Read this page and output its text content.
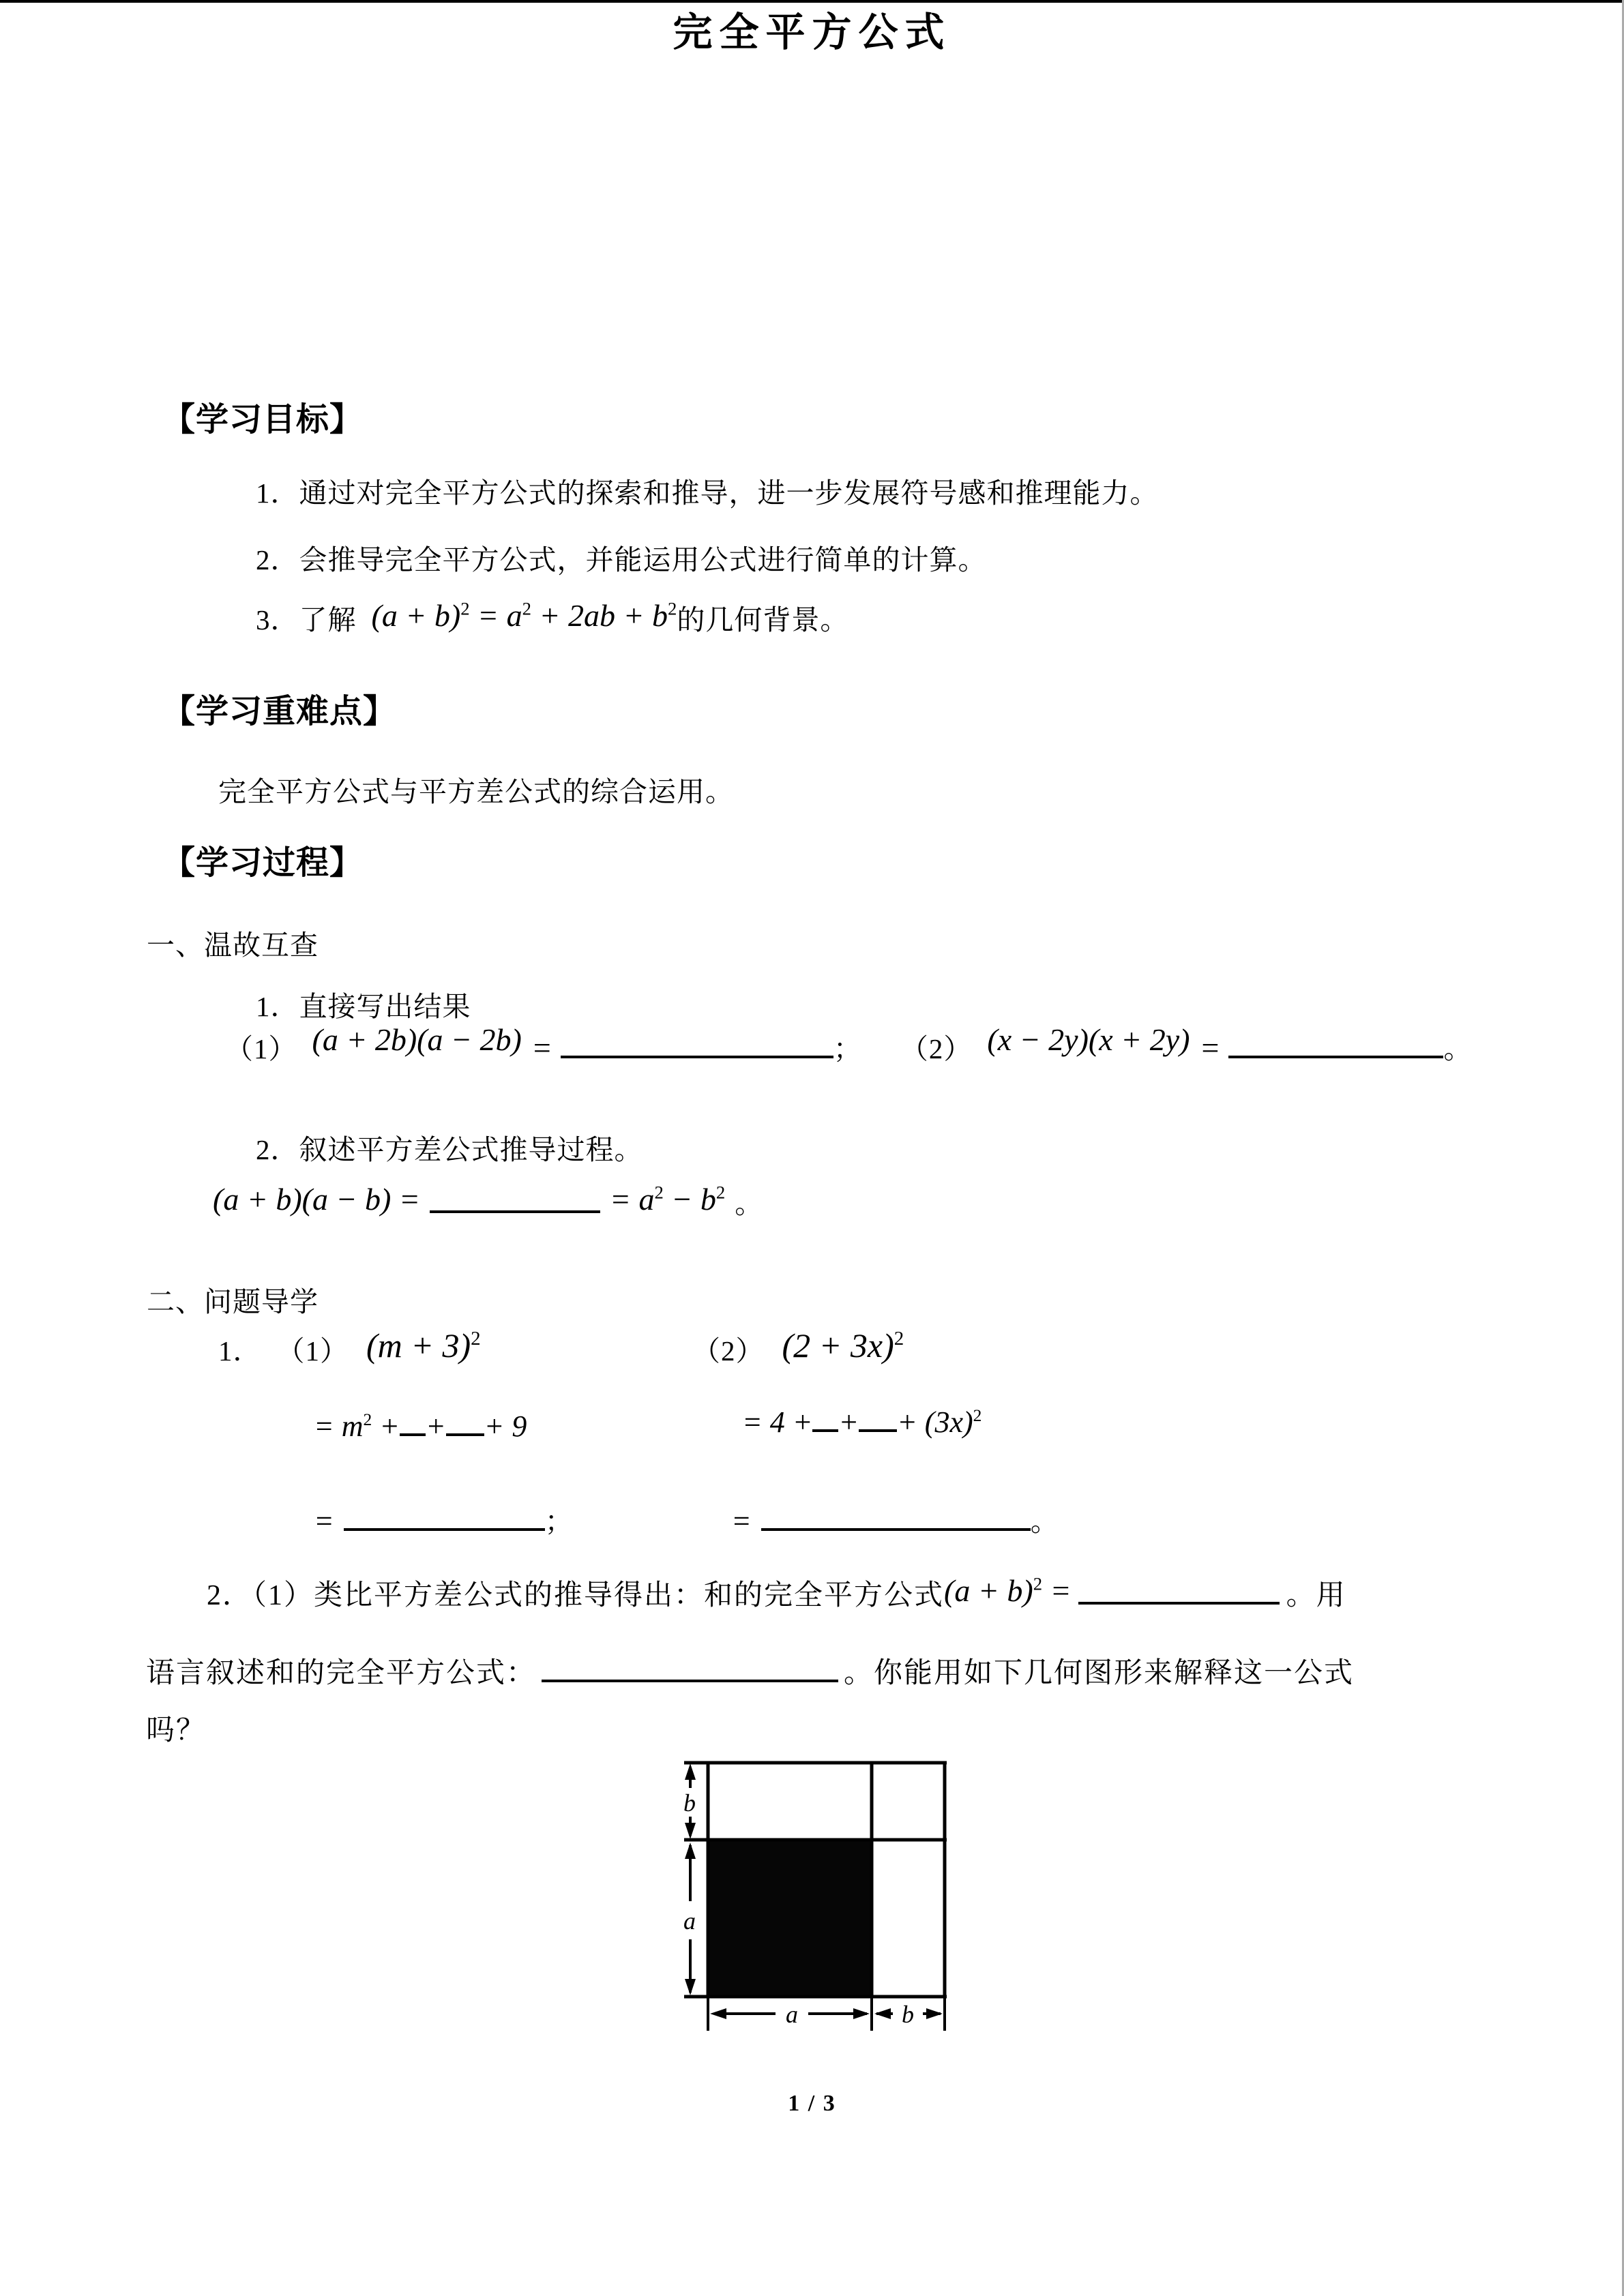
完全平方公式
【学习目标】
1．通过对完全平方公式的探索和推导，进一步发展符号感和推理能力。
2．会推导完全平方公式，并能运用公式进行简单的计算。
3．了解 $(a + b)^2 = a^2 + 2ab + b^2$ 的几何背景。
【学习重难点】
完全平方公式与平方差公式的综合运用。
【学习过程】
一、温故互查
1．直接写出结果
（1） (a + 2b)(a − 2b) =	； （2） (x − 2y)(x + 2y) =	。
2．叙述平方差公式推导过程。
(a + b)(a − b) =	= $a^2 - b^2$ 。
二、问题导学
1． （1） $(m + 3)^2$	（2） $(2 + 3x)^2$
= $m^2$ + + + 9	= 4 + + + $(3x)^2$
=	；	=	。
2．（1）类比平方差公式的推导得出：和的完全平方公式 $(a + b)^2$ =	。用
语言叙述和的完全平方公式：	。你能用如下几何图形来解释这一公式
吗？
b
a
a	b
1 / 3
